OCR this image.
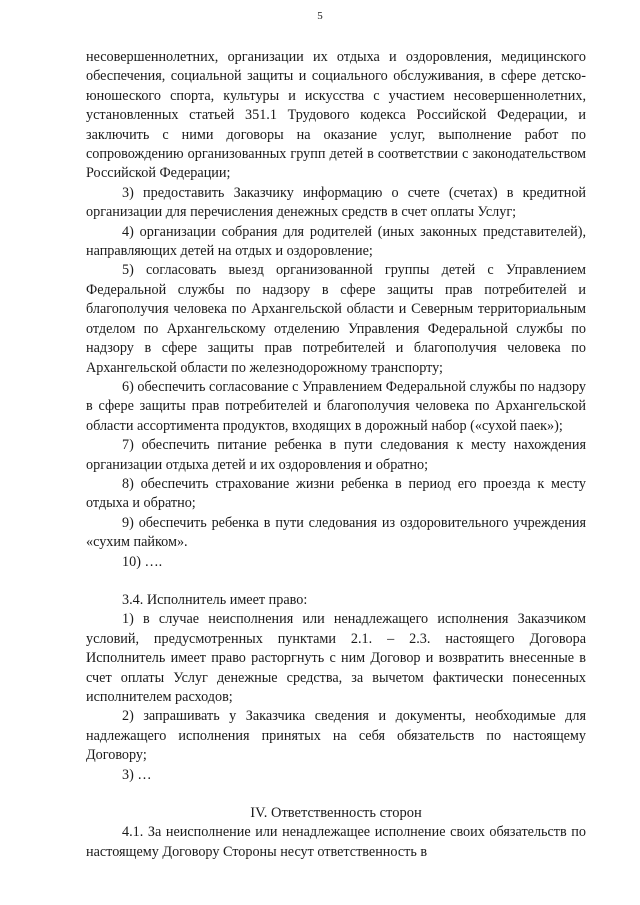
5

несовершеннолетних, организации их отдыха и оздоровления, медицинского обеспечения, социальной защиты и социального обслуживания, в сфере детско-юношеского спорта, культуры и искусства с участием несовершеннолетних, установленных статьей 351.1 Трудового кодекса Российской Федерации, и заключить с ними договоры на оказание услуг, выполнение работ по сопровождению организованных групп детей в соответствии с законодательством Российской Федерации;

3) предоставить Заказчику информацию о счете (счетах) в кредитной организации для перечисления денежных средств в счет оплаты Услуг;

4) организации собрания для родителей (иных законных представителей), направляющих детей на отдых и оздоровление;

5) согласовать выезд организованной группы детей с Управлением Федеральной службы по надзору в сфере защиты прав потребителей и благополучия человека по Архангельской области и Северным территориальным отделом по Архангельскому отделению Управления Федеральной службы по надзору в сфере защиты прав потребителей и благополучия человека по Архангельской области по железнодорожному транспорту;

6) обеспечить согласование с Управлением Федеральной службы по надзору в сфере защиты прав потребителей и благополучия человека по Архангельской области ассортимента продуктов, входящих в дорожный набор («сухой паек»);

7) обеспечить питание ребенка в пути следования к месту нахождения организации отдыха детей и их оздоровления и обратно;

8) обеспечить страхование жизни ребенка в период его проезда к месту отдыха и обратно;

9) обеспечить ребенка в пути следования из оздоровительного учреждения «сухим пайком».

10) ….

3.4. Исполнитель имеет право:

1) в случае неисполнения или ненадлежащего исполнения Заказчиком условий, предусмотренных пунктами 2.1. – 2.3. настоящего Договора Исполнитель имеет право расторгнуть с ним Договор и возвратить внесенные в счет оплаты Услуг денежные средства, за вычетом фактически понесенных исполнителем расходов;

2) запрашивать у Заказчика сведения и документы, необходимые для надлежащего исполнения принятых на себя обязательств по настоящему Договору;

3) …

IV. Ответственность сторон

4.1. За неисполнение или ненадлежащее исполнение своих обязательств по настоящему Договору Стороны несут ответственность в
